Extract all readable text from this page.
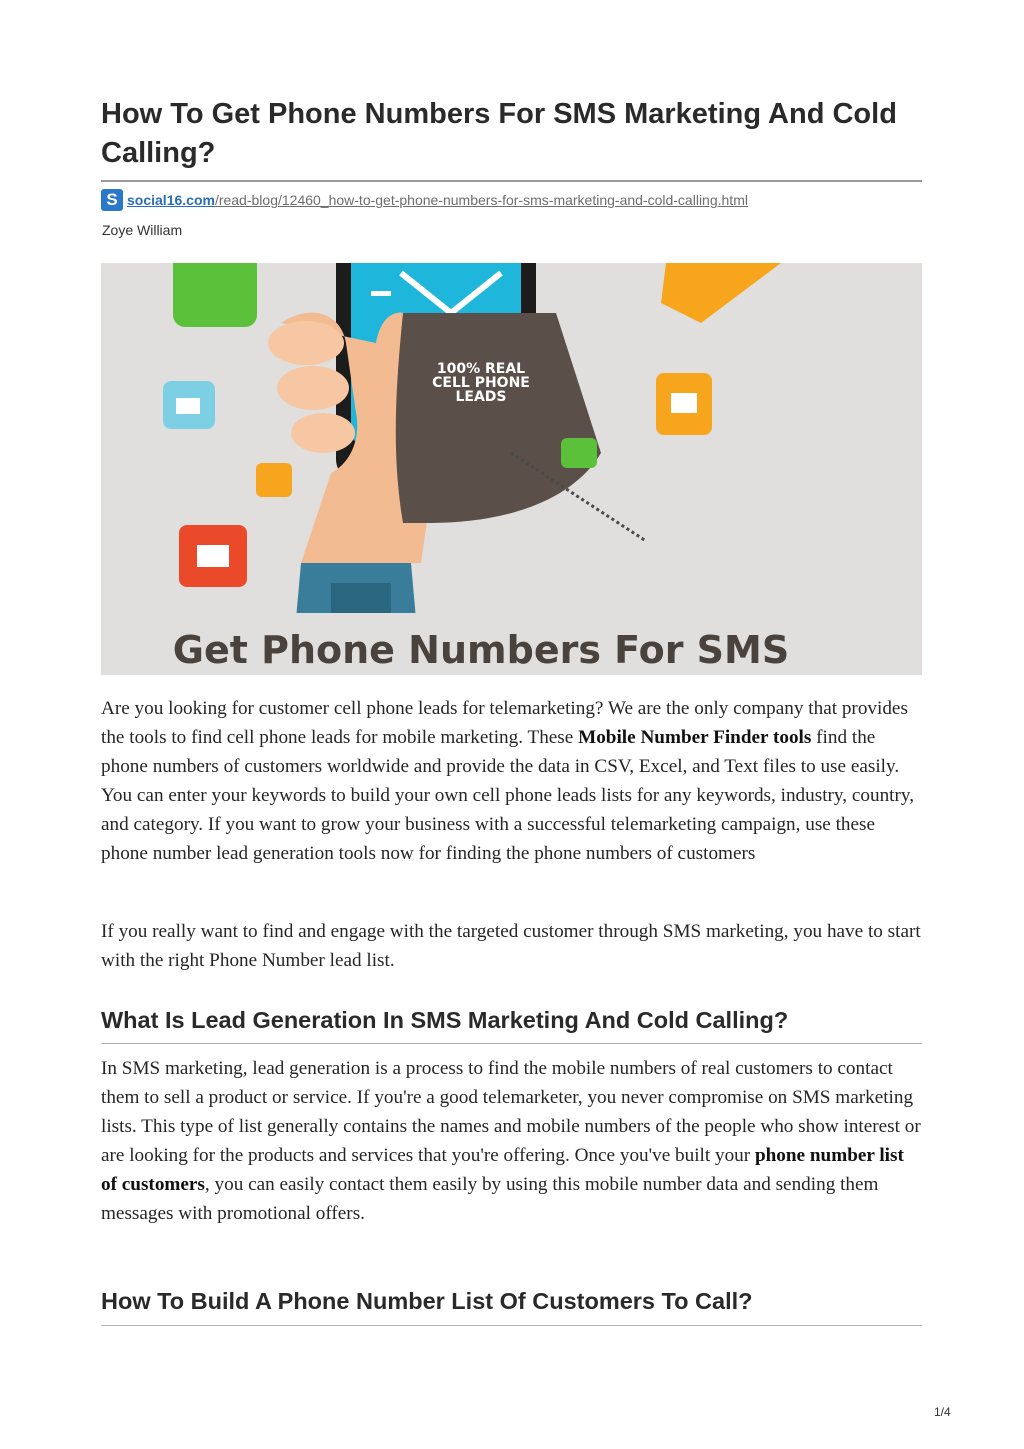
How To Get Phone Numbers For SMS Marketing And Cold Calling?
S social16.com /read-blog/12460_how-to-get-phone-numbers-for-sms-marketing-and-cold-calling.html
Zoye William
100% REAL
CELL PHONE
LEADS
Get Phone Numbers For SMS

Are you looking for customer cell phone leads for telemarketing? We are the only company that provides the tools to find cell phone leads for mobile marketing. These Mobile Number Finder tools find the phone numbers of customers worldwide and provide the data in CSV, Excel, and Text files to use easily. You can enter your keywords to build your own cell phone leads lists for any keywords, industry, country, and category. If you want to grow your business with a successful telemarketing campaign, use these phone number lead generation tools now for finding the phone numbers of customers

If you really want to find and engage with the targeted customer through SMS marketing, you have to start with the right Phone Number lead list.

What Is Lead Generation In SMS Marketing And Cold Calling?

In SMS marketing, lead generation is a process to find the mobile numbers of real customers to contact them to sell a product or service. If you're a good telemarketer, you never compromise on SMS marketing lists. This type of list generally contains the names and mobile numbers of the people who show interest or are looking for the products and services that you're offering. Once you've built your phone number list of customers, you can easily contact them easily by using this mobile number data and sending them messages with promotional offers.

How To Build A Phone Number List Of Customers To Call?
1/4
